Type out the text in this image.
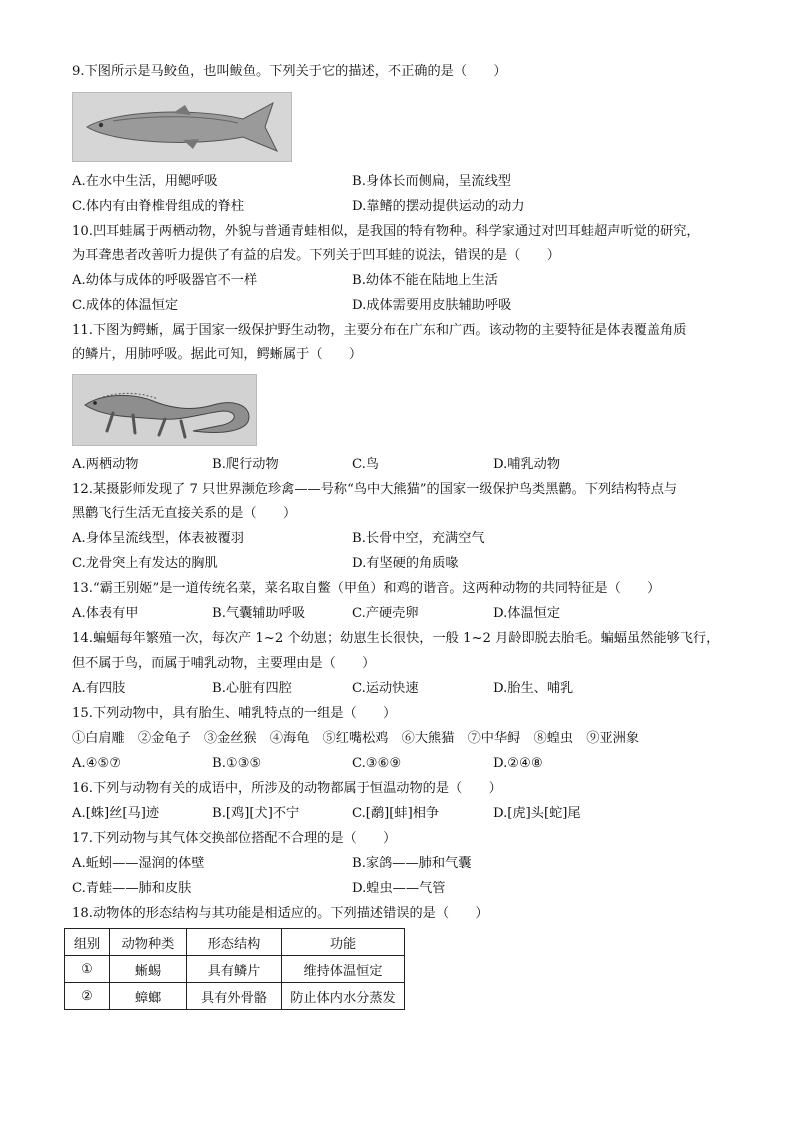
9.下图所示是马鲛鱼，也叫鲅鱼。下列关于它的描述，不正确的是（　　）
A.在水中生活，用鳃呼吸	B.身体长而侧扁，呈流线型
C.体内有由脊椎骨组成的脊柱	D.靠鳍的摆动提供运动的动力
10.凹耳蛙属于两栖动物，外貌与普通青蛙相似，是我国的特有物种。科学家通过对凹耳蛙超声听觉的研究，
为耳聋患者改善听力提供了有益的启发。下列关于凹耳蛙的说法，错误的是（　　）
A.幼体与成体的呼吸器官不一样	B.幼体不能在陆地上生活
C.成体的体温恒定	D.成体需要用皮肤辅助呼吸
11.下图为鳄蜥，属于国家一级保护野生动物，主要分布在广东和广西。该动物的主要特征是体表覆盖角质
的鳞片，用肺呼吸。据此可知，鳄蜥属于（　　）
A.两栖动物	B.爬行动物	C.鸟	D.哺乳动物
12.某摄影师发现了 7 只世界濒危珍禽——号称“鸟中大熊猫”的国家一级保护鸟类黑鹳。下列结构特点与
黑鹳飞行生活无直接关系的是（　　）
A.身体呈流线型，体表被覆羽	B.长骨中空，充满空气
C.龙骨突上有发达的胸肌	D.有坚硬的角质喙
13.“霸王别姬”是一道传统名菜，菜名取自鳖（甲鱼）和鸡的谐音。这两种动物的共同特征是（　　）
A.体表有甲	B.气囊辅助呼吸	C.产硬壳卵	D.体温恒定
14.蝙蝠每年繁殖一次，每次产 1~2 个幼崽；幼崽生长很快，一般 1~2 月龄即脱去胎毛。蝙蝠虽然能够飞行，
但不属于鸟，而属于哺乳动物，主要理由是（　　）
A.有四肢	B.心脏有四腔	C.运动快速	D.胎生、哺乳
15.下列动物中，具有胎生、哺乳特点的一组是（　　）
①白肩雕　②金龟子　③金丝猴　④海龟　⑤红嘴松鸡　⑥大熊猫　⑦中华鲟　⑧蝗虫　⑨亚洲象
A.④⑤⑦	B.①③⑤	C.③⑥⑨	D.②④⑧
16.下列与动物有关的成语中，所涉及的动物都属于恒温动物的是（　　）
A.[蛛]丝[马]迹	B.[鸡][犬]不宁	C.[鹬][蚌]相争	D.[虎]头[蛇]尾
17.下列动物与其气体交换部位搭配不合理的是（　　）
A.蚯蚓——湿润的体壁	B.家鸽——肺和气囊
C.青蛙——肺和皮肤	D.蝗虫——气管
18.动物体的形态结构与其功能是相适应的。下列描述错误的是（　　）
组别	动物种类	形态结构	功能
①	蜥蜴	具有鳞片	维持体温恒定
②	蟑螂	具有外骨骼	防止体内水分蒸发
